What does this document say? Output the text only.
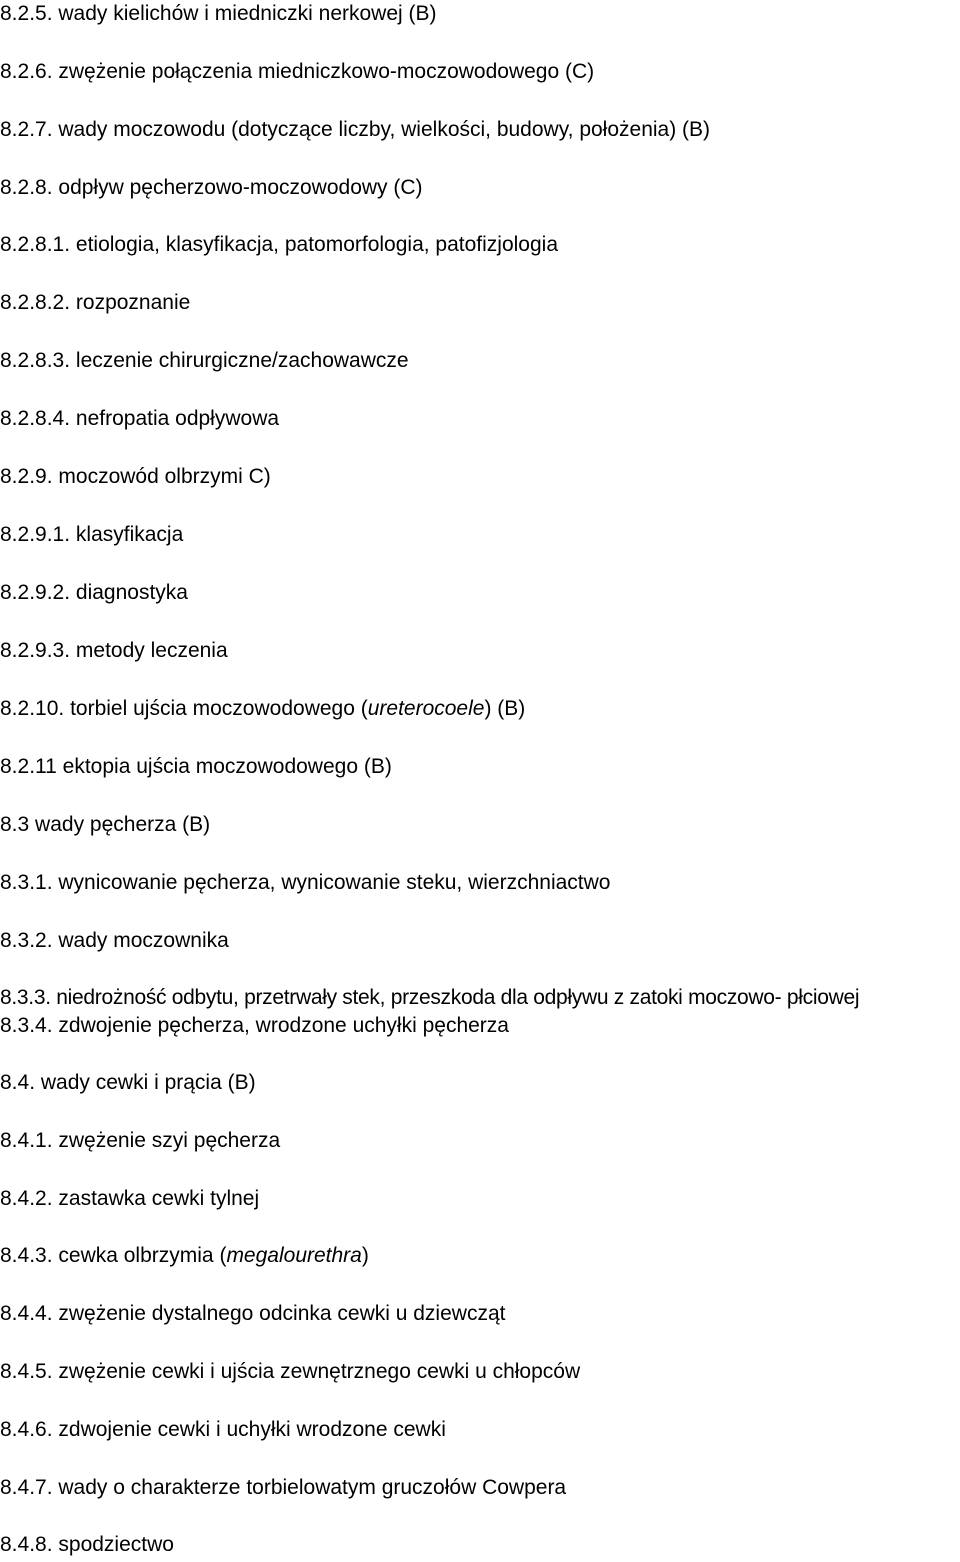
8.2.5. wady kielichów i miedniczki nerkowej (B)
8.2.6. zwężenie połączenia miedniczkowo-moczowodowego (C)
8.2.7. wady moczowodu (dotyczące liczby, wielkości, budowy, położenia) (B)
8.2.8. odpływ pęcherzowo-moczowodowy (C)
8.2.8.1. etiologia, klasyfikacja, patomorfologia, patofizjologia
8.2.8.2. rozpoznanie
8.2.8.3. leczenie chirurgiczne/zachowawcze
8.2.8.4. nefropatia odpływowa
8.2.9. moczowód olbrzymi C)
8.2.9.1. klasyfikacja
8.2.9.2. diagnostyka
8.2.9.3. metody leczenia
8.2.10. torbiel ujścia moczowodowego (ureterocoele) (B)
8.2.11 ektopia ujścia moczowodowego (B)
8.3 wady pęcherza (B)
8.3.1. wynicowanie pęcherza, wynicowanie steku, wierzchniactwo
8.3.2. wady moczownika
8.3.3. niedrożność odbytu, przetrwały stek, przeszkoda dla odpływu z zatoki moczowo- płciowej
8.3.4. zdwojenie pęcherza, wrodzone uchyłki pęcherza
8.4. wady cewki i prącia (B)
8.4.1. zwężenie szyi pęcherza
8.4.2. zastawka cewki tylnej
8.4.3. cewka olbrzymia (megalourethra)
8.4.4. zwężenie dystalnego odcinka cewki u dziewcząt
8.4.5. zwężenie cewki i ujścia zewnętrznego cewki u chłopców
8.4.6. zdwojenie cewki i uchyłki wrodzone cewki
8.4.7. wady o charakterze torbielowatym gruczołów Cowpera
8.4.8. spodziectwo
